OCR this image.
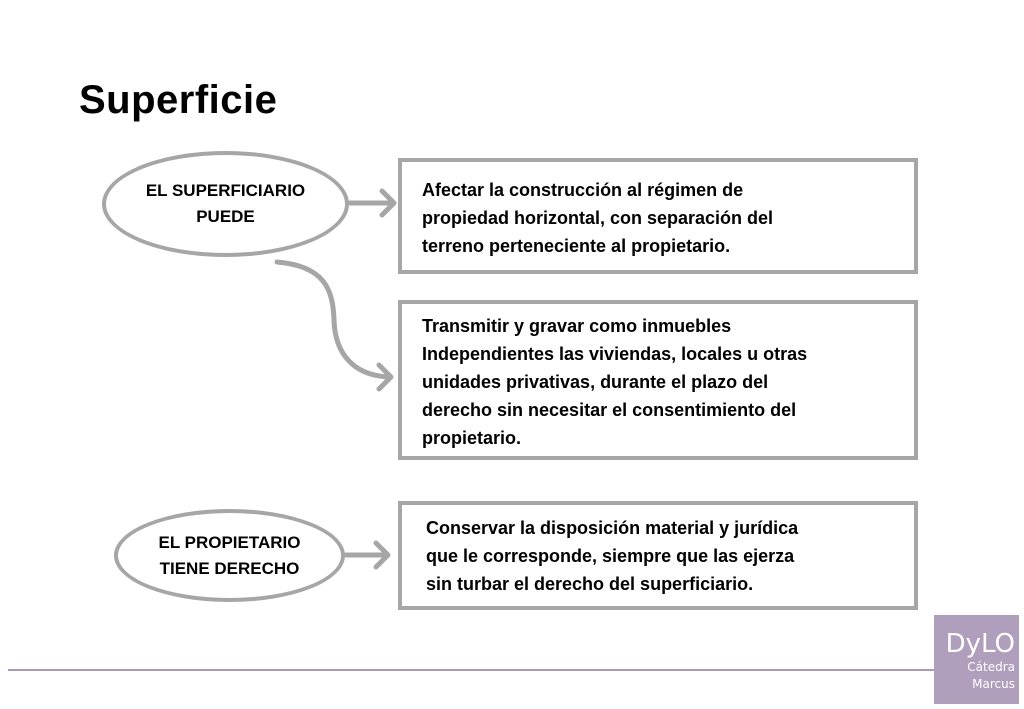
Superficie
EL SUPERFICIARIO
PUEDE
EL PROPIETARIO
TIENE DERECHO
Afectar la construcción al régimen de
propiedad horizontal, con separación del
terreno perteneciente al propietario.
Transmitir y gravar como inmuebles
Independientes las viviendas, locales u otras
unidades privativas, durante el plazo del
derecho sin necesitar el consentimiento del
propietario.
Conservar la disposición material y jurídica
que le corresponde, siempre que las ejerza
sin turbar el derecho del superficiario.
DyLO
Cátedra
Marcus
